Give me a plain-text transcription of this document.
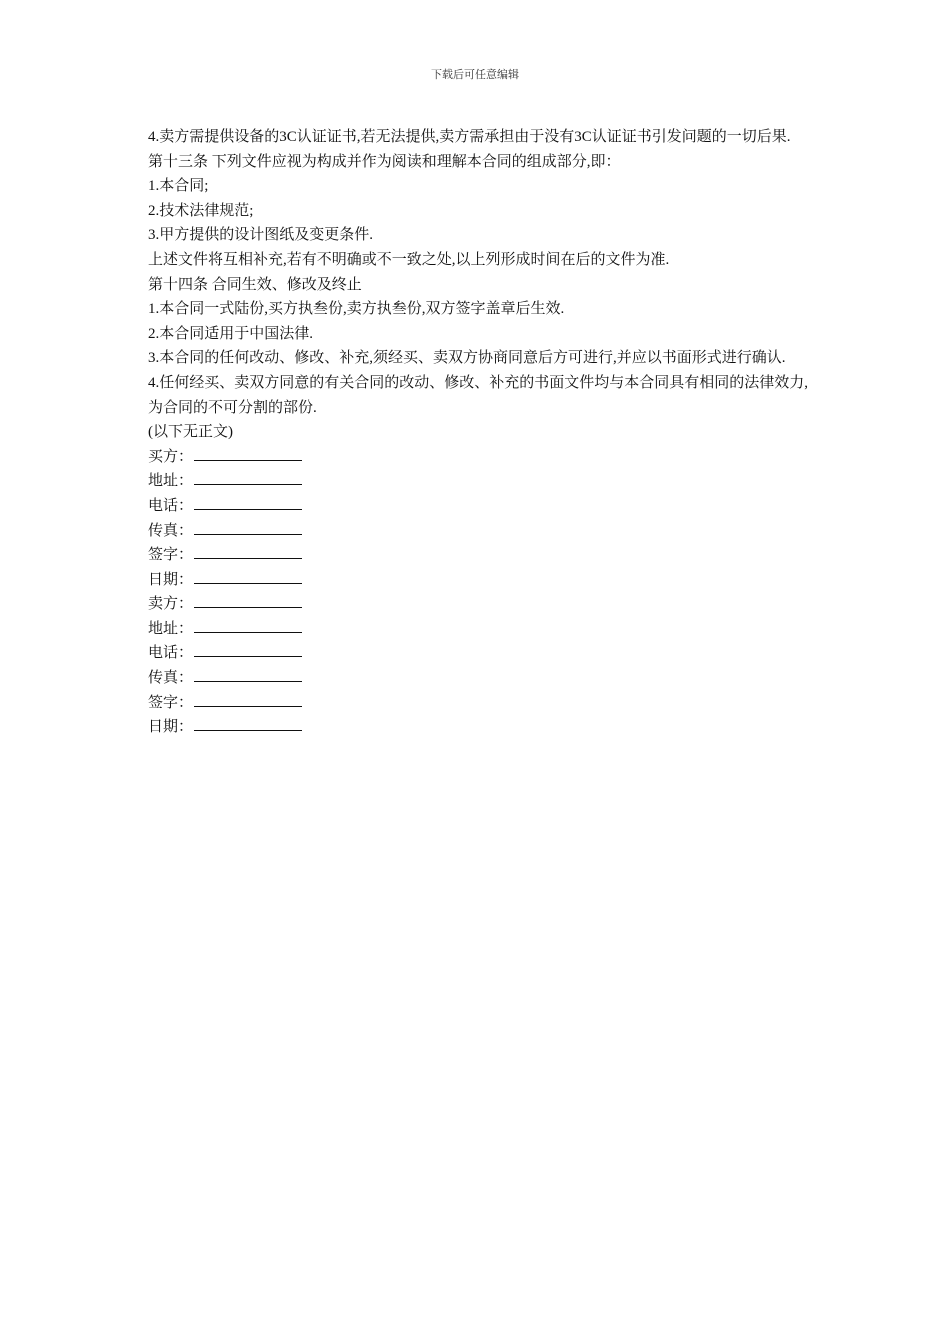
下载后可任意编辑

4.卖方需提供设备的3C认证证书,若无法提供,卖方需承担由于没有3C认证证书引发问题的一切后果.

第十三条 下列文件应视为构成并作为阅读和理解本合同的组成部分,即：

1.本合同;

2.技术法律规范;

3.甲方提供的设计图纸及变更条件.

上述文件将互相补充,若有不明确或不一致之处,以上列形成时间在后的文件为准.

第十四条 合同生效、修改及终止

1.本合同一式陆份,买方执叁份,卖方执叁份,双方签字盖章后生效.

2.本合同适用于中国法律.

3.本合同的任何改动、修改、补充,须经买、卖双方协商同意后方可进行,并应以书面形式进行确认.

4.任何经买、卖双方同意的有关合同的改动、修改、补充的书面文件均与本合同具有相同的法律效力,为合同的不可分割的部份.

(以下无正文)

买方：

地址：

电话：

传真：

签字：

日期：

卖方：

地址：

电话：

传真：

签字：

日期：
